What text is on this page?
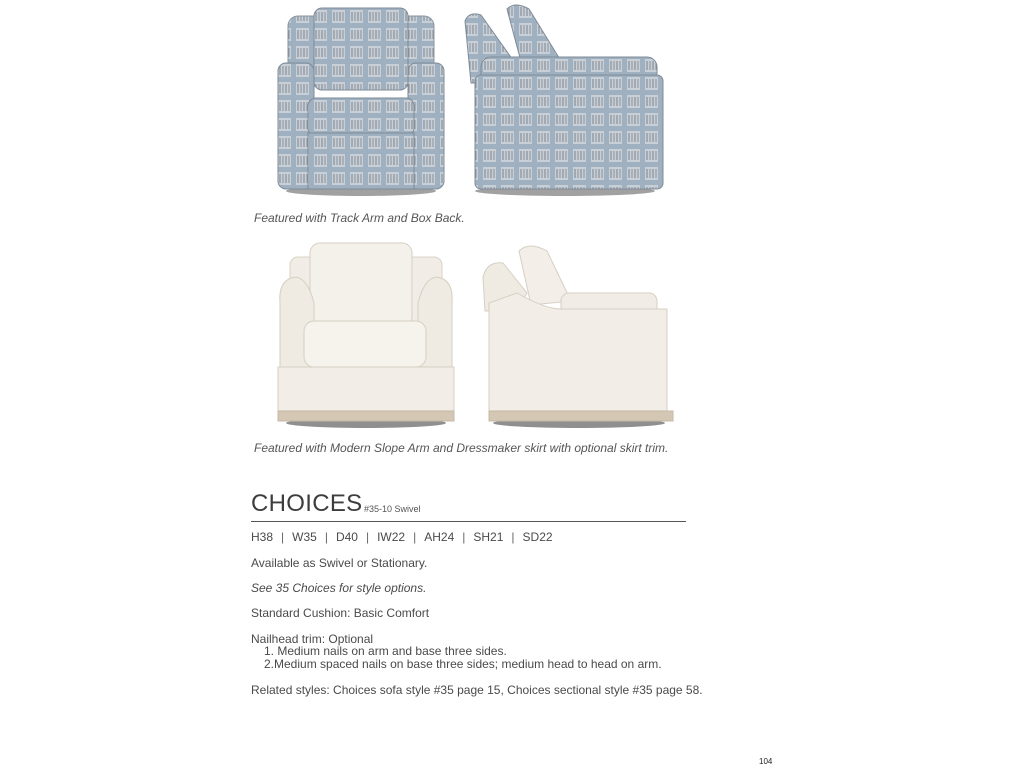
Featured with Track Arm and Box Back.
Featured with Modern Slope Arm and Dressmaker skirt with optional skirt trim.
CHOICES #35-10 Swivel
H38 | W35 | D40 | IW22 | AH24 | SH21 | SD22
Available as Swivel or Stationary.
See 35 Choices for style options.
Standard Cushion: Basic Comfort
Nailhead trim: Optional
1. Medium nails on arm and base three sides.
2.Medium spaced nails on base three sides; medium head to head on arm.
Related styles: Choices sofa style #35 page 15, Choices sectional style #35 page 58.
104
